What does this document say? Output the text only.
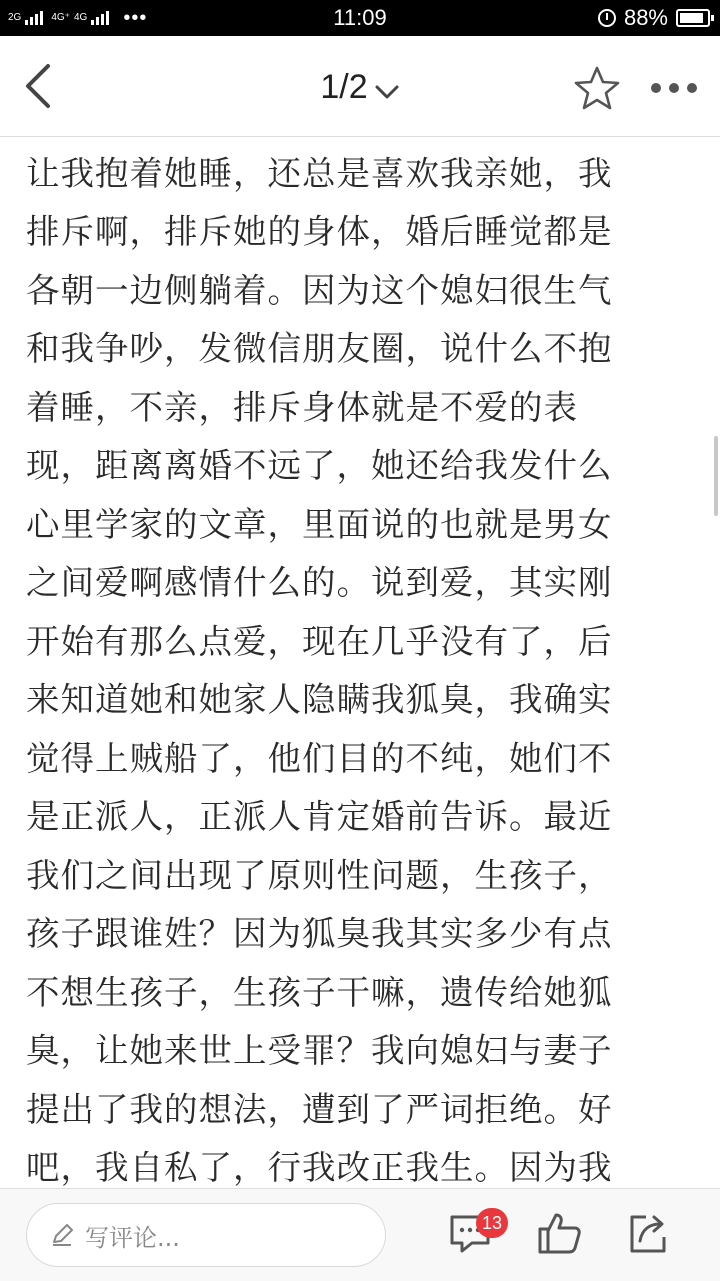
2G	4G⁺ 4G •••	11:09	88%
1/2

让我抱着她睡，还总是喜欢我亲她，我
排斥啊，排斥她的身体，婚后睡觉都是
各朝一边侧躺着。因为这个媳妇很生气
和我争吵，发微信朋友圈，说什么不抱
着睡，不亲，排斥身体就是不爱的表
现，距离离婚不远了，她还给我发什么
心里学家的文章，里面说的也就是男女
之间爱啊感情什么的。说到爱，其实刚
开始有那么点爱，现在几乎没有了，后
来知道她和她家人隐瞒我狐臭，我确实
觉得上贼船了，他们目的不纯，她们不
是正派人，正派人肯定婚前告诉。最近
我们之间出现了原则性问题，生孩子，
孩子跟谁姓？因为狐臭我其实多少有点
不想生孩子，生孩子干嘛，遗传给她狐
臭，让她来世上受罪？我向媳妇与妻子
提出了我的想法，遭到了严词拒绝。好
吧，我自私了，行我改正我生。因为我
写评论...
13
